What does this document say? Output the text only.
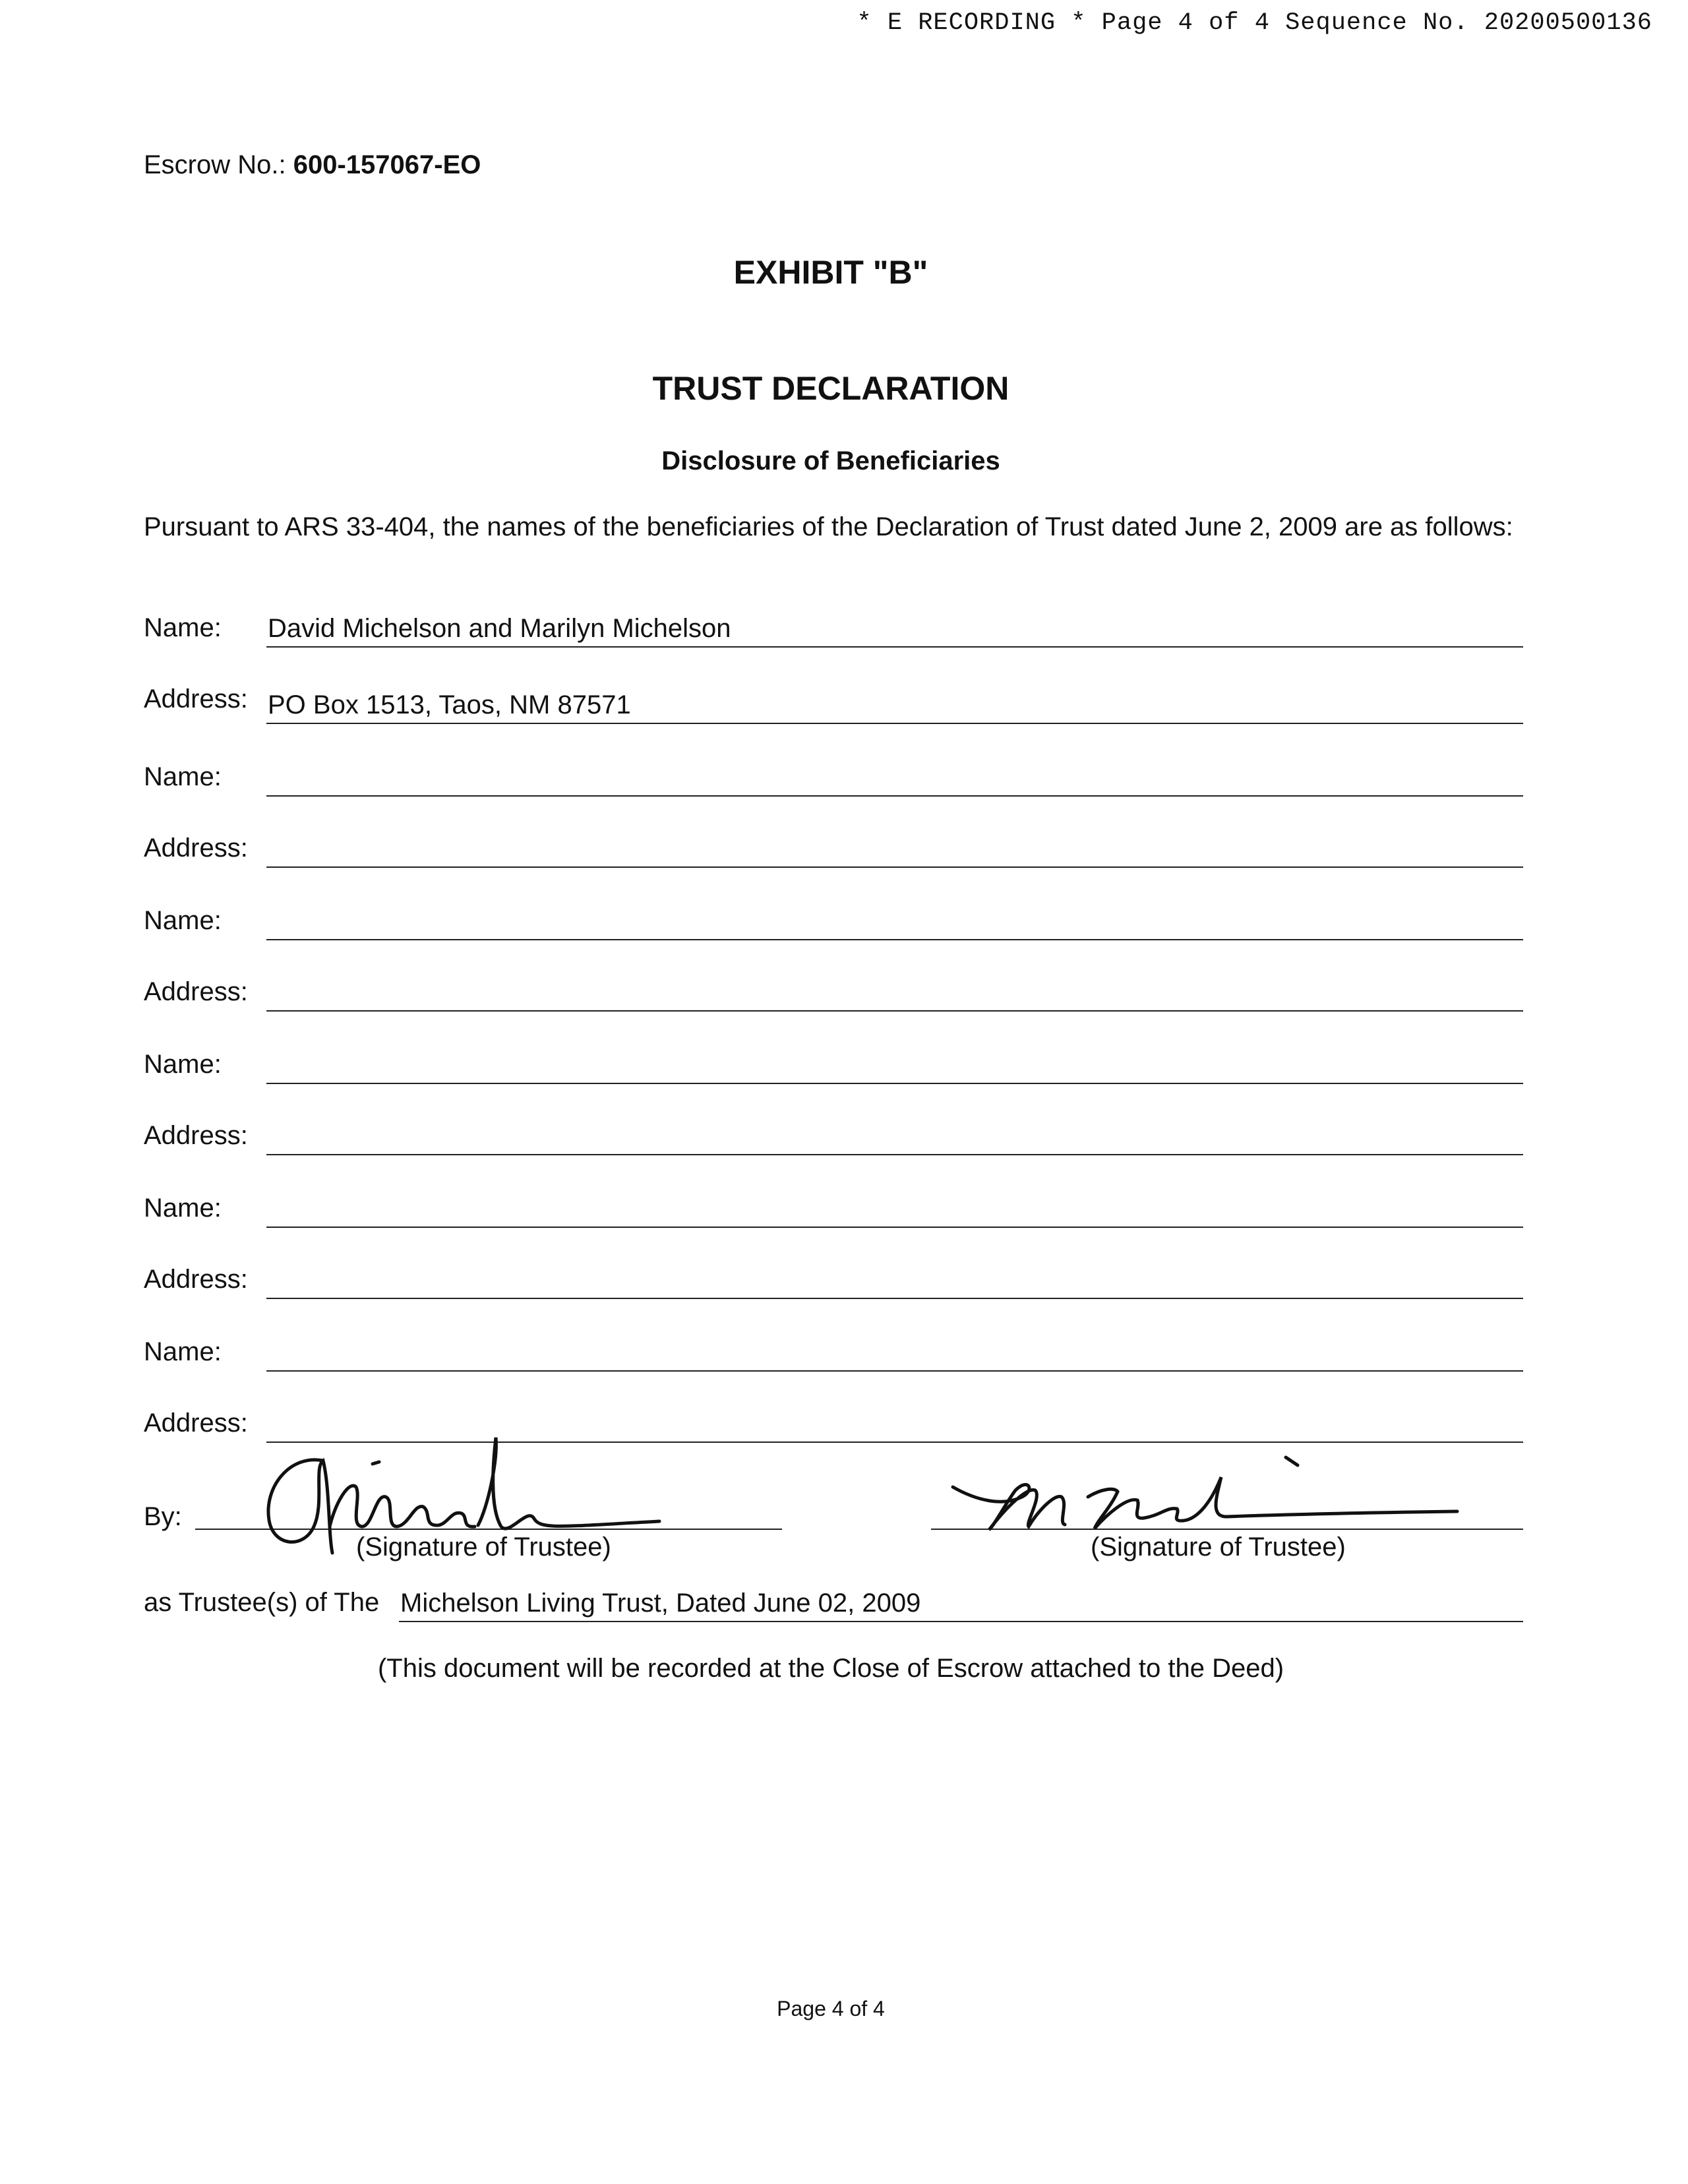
* E RECORDING * Page 4 of 4 Sequence No. 20200500136
Escrow No.: 600-157067-EO
EXHIBIT "B"
TRUST DECLARATION
Disclosure of Beneficiaries
Pursuant to ARS 33-404, the names of the beneficiaries of the Declaration of Trust dated June 2, 2009 are as follows:
Name: David Michelson and Marilyn Michelson
Address: PO Box 1513, Taos, NM 87571
Name:
Address:
Name:
Address:
Name:
Address:
Name:
Address:
Name:
Address:
By:
(Signature of Trustee)	(Signature of Trustee)
as Trustee(s) of The Michelson Living Trust, Dated June 02, 2009
(This document will be recorded at the Close of Escrow attached to the Deed)
Page 4 of 4
